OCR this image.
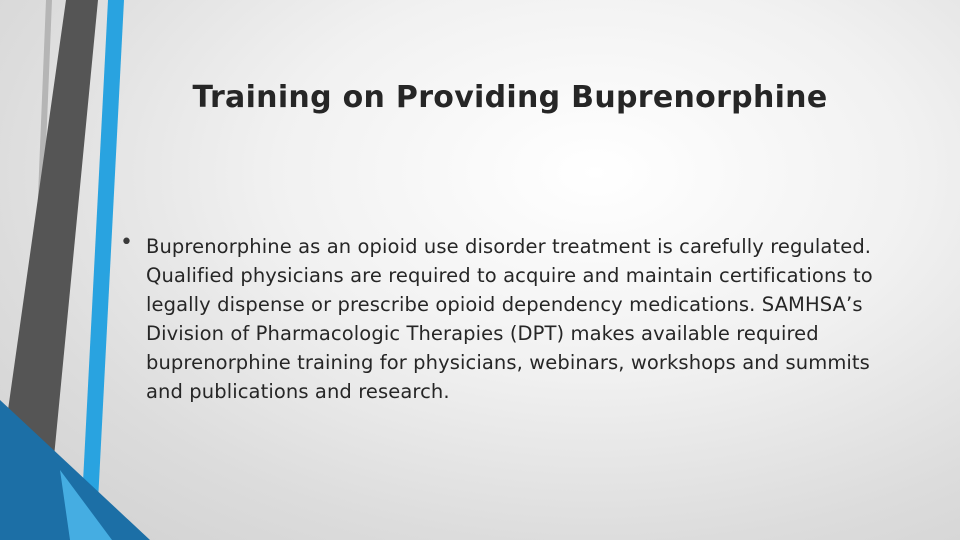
Training on Providing Buprenorphine
• Buprenorphine as an opioid use disorder treatment is carefully regulated. Qualified physicians are required to acquire and maintain certifications to legally dispense or prescribe opioid dependency medications. SAMHSA’s Division of Pharmacologic Therapies (DPT) makes available required buprenorphine training for physicians, webinars, workshops and summits and publications and research.
